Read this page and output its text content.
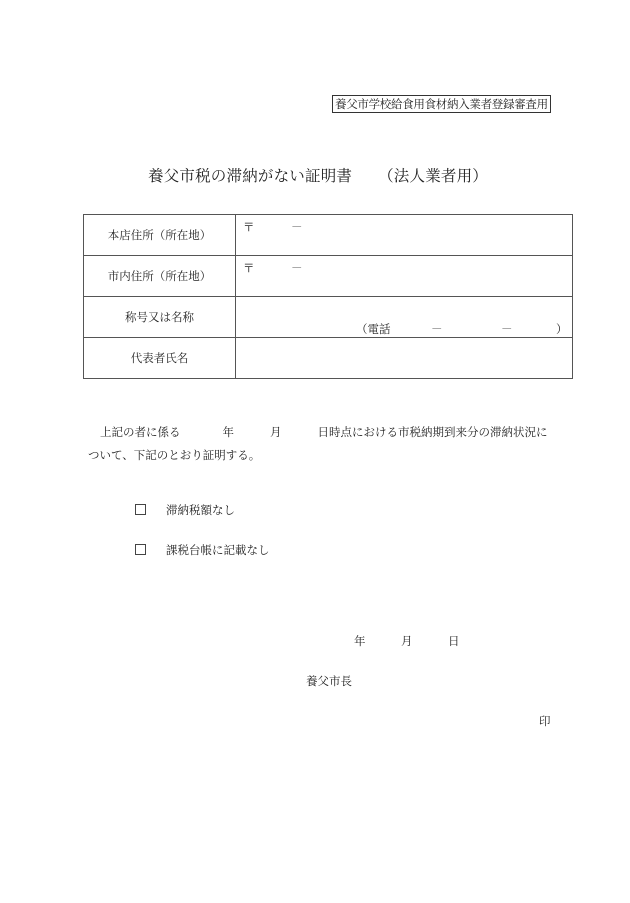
養父市学校給食用食材納入業者登録審査用
養父市税の滞納がない証明書 （法人業者用）
本店住所（所在地）	〒 －

市内住所（所在地）	〒 －

称号又は名称	（電話 － － ）

代表者氏名	
上記の者に係る	年	月	日時点における市税納期到来分の滞納状況に
ついて、下記のとおり証明する。
滞納税額なし
課税台帳に記載なし
年	月	日
養父市長
印
